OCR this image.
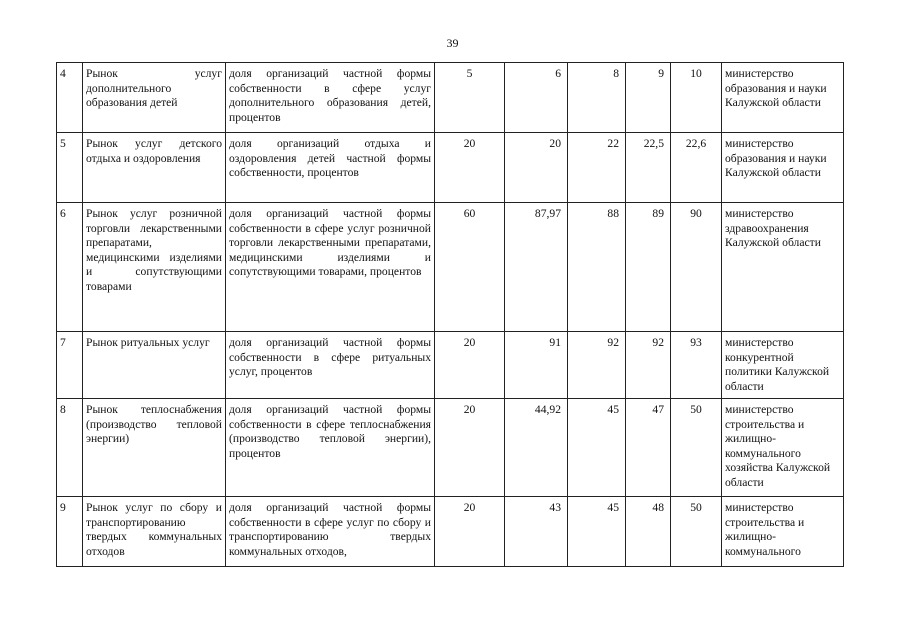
39
4	Рынок услуг дополнительного образования детей	доля организаций частной формы собственности в сфере услуг дополнительного образования детей, процентов	5	6	8	9	10	министерство образования и науки Калужской области
5	Рынок услуг детского отдыха и оздоровления	доля организаций отдыха и оздоровления детей частной формы собственности, процентов	20	20	22	22,5	22,6	министерство образования и науки Калужской области
6	Рынок услуг розничной торговли лекарственными препаратами, медицинскими изделиями и сопутствующими товарами	доля организаций частной формы собственности в сфере услуг розничной торговли лекарственными препаратами, медицинскими изделиями и сопутствующими товарами, процентов	60	87,97	88	89	90	министерство здравоохранения Калужской области
7	Рынок ритуальных услуг	доля организаций частной формы собственности в сфере ритуальных услуг, процентов	20	91	92	92	93	министерство конкурентной политики Калужской области
8	Рынок теплоснабжения (производство тепловой энергии)	доля организаций частной формы собственности в сфере теплоснабжения (производство тепловой энергии), процентов	20	44,92	45	47	50	министерство строительства и жилищно-коммунального хозяйства Калужской области
9	Рынок услуг по сбору и транспортированию твердых коммунальных отходов	доля организаций частной формы собственности в сфере услуг по сбору и транспортированию твердых коммунальных отходов,	20	43	45	48	50	министерство строительства и жилищно-коммунального
